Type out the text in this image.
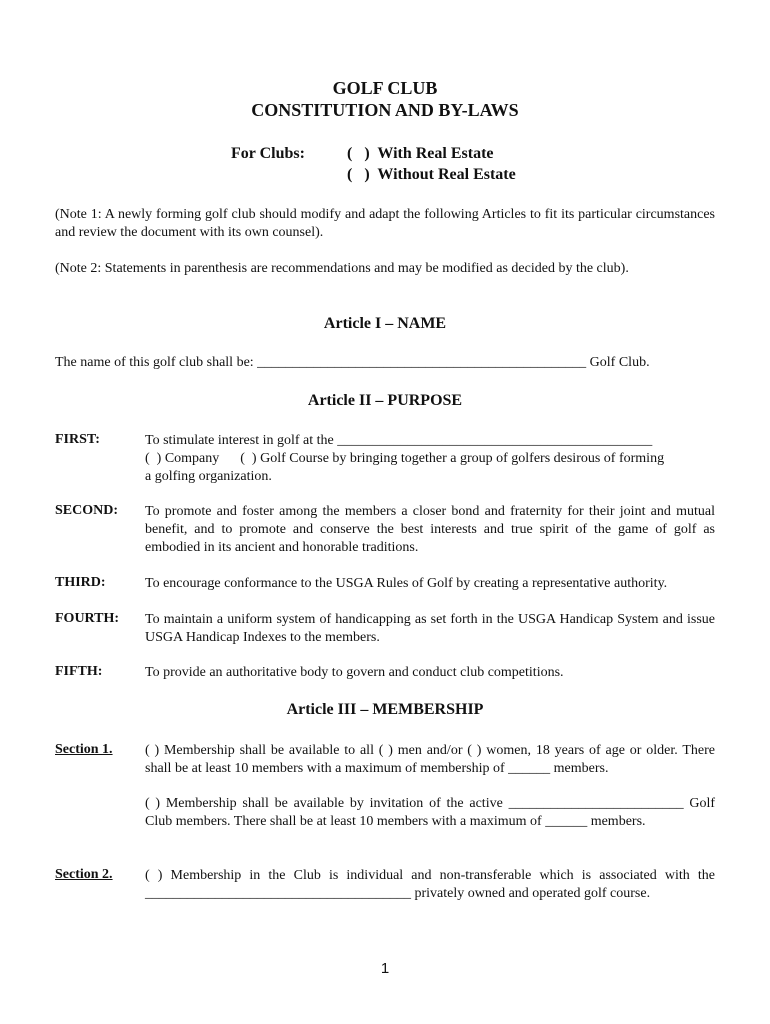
GOLF CLUB
CONSTITUTION AND BY-LAWS
For Clubs:	(   )  With Real Estate
(   )  Without Real Estate
(Note 1: A newly forming golf club should modify and adapt the following Articles to fit its particular circumstances and review the document with its own counsel).
(Note 2: Statements in parenthesis are recommendations and may be modified as decided by the club).
Article I – NAME
The name of this golf club shall be: _______________________________________________ Golf Club.
Article II – PURPOSE
FIRST:	To stimulate interest in golf at the _____________________________________________
(  ) Company      (  ) Golf Course by bringing together a group of golfers desirous of forming
a golfing organization.
SECOND: To promote and foster among the members a closer bond and fraternity for their joint and mutual benefit, and to promote and conserve the best interests and true spirit of the game of golf as embodied in its ancient and honorable traditions.
THIRD:	To encourage conformance to the USGA Rules of Golf by creating a representative authority.
FOURTH: To maintain a uniform system of handicapping as set forth in the USGA Handicap System and issue USGA Handicap Indexes to the members.
FIFTH:	To provide an authoritative body to govern and conduct club competitions.
Article III – MEMBERSHIP
Section 1. ( ) Membership shall be available to all ( ) men and/or ( ) women, 18 years of age or older. There shall be at least 10 members with a maximum of membership of ______ members.
( ) Membership shall be available by invitation of the active _________________________ Golf Club members. There shall be at least 10 members with a maximum of ______ members.
Section 2. ( ) Membership in the Club is individual and non-transferable which is associated with the ______________________________________ privately owned and operated golf course.
1
